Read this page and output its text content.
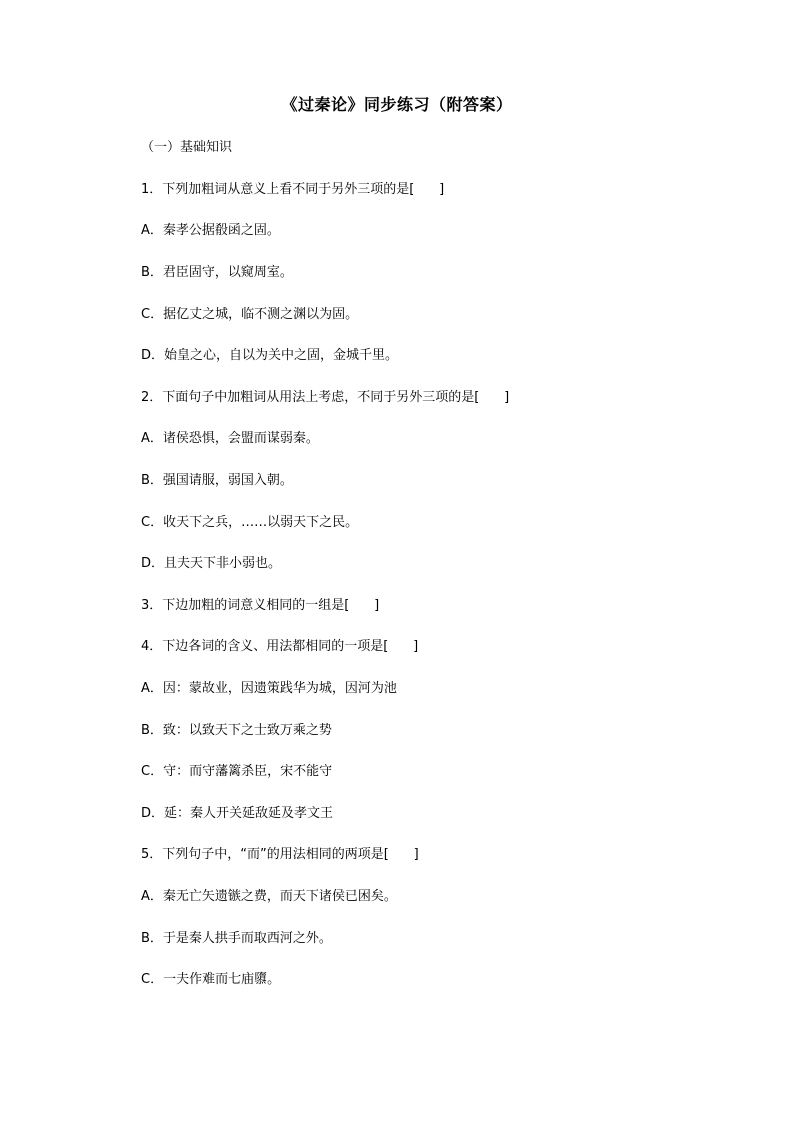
《过秦论》同步练习（附答案）
（一）基础知识
1．下列加粗词从意义上看不同于另外三项的是[      ]
A．秦孝公据殽函之固。
B．君臣固守，以窥周室。
C．据亿丈之城，临不测之渊以为固。
D．始皇之心，自以为关中之固，金城千里。
2．下面句子中加粗词从用法上考虑，不同于另外三项的是[      ]
A．诸侯恐惧，会盟而谋弱秦。
B．强国请服，弱国入朝。
C．收天下之兵，……以弱天下之民。
D．且夫天下非小弱也。
3．下边加粗的词意义相同的一组是[      ]
4．下边各词的含义、用法都相同的一项是[      ]
A．因：蒙故业，因遗策践华为城，因河为池
B．致：以致天下之士致万乘之势
C．守：而守藩篱杀臣，宋不能守
D．延：秦人开关延敌延及孝文王
5．下列句子中，“而”的用法相同的两项是[      ]
A．秦无亡矢遗镞之费，而天下诸侯已困矣。
B．于是秦人拱手而取西河之外。
C．一夫作难而七庙隳。
